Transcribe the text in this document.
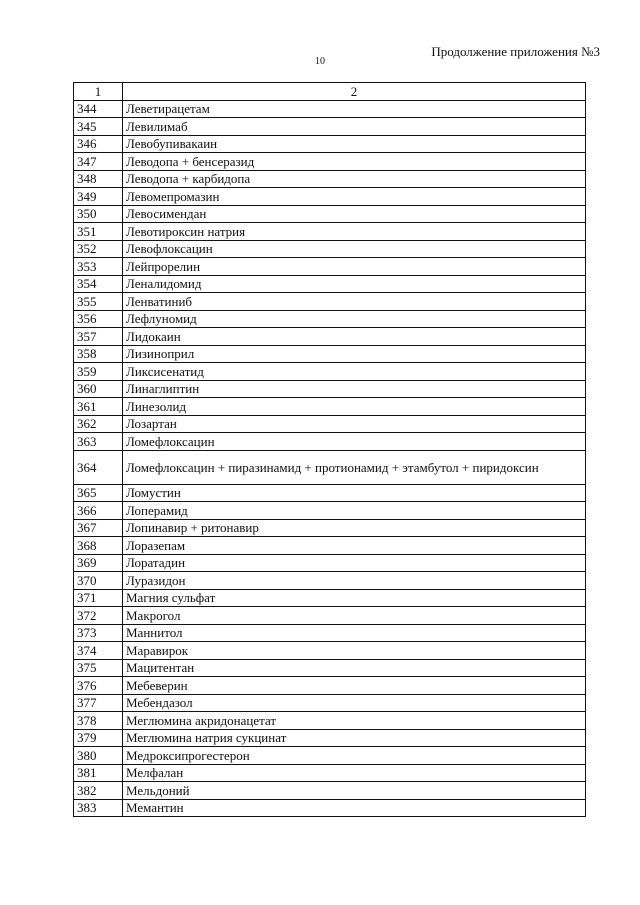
Продолжение приложения №3
10
1	2
344	Леветирацетам
345	Левилимаб
346	Левобупивакаин
347	Леводопа + бенсеразид
348	Леводопа + карбидопа
349	Левомепромазин
350	Левосимендан
351	Левотироксин натрия
352	Левофлоксацин
353	Лейпрорелин
354	Леналидомид
355	Ленватиниб
356	Лефлуномид
357	Лидокаин
358	Лизиноприл
359	Ликсисенатид
360	Линаглиптин
361	Линезолид
362	Лозартан
363	Ломефлоксацин
364	Ломефлоксацин + пиразинамид + протионамид + этамбутол + пиридоксин
365	Ломустин
366	Лоперамид
367	Лопинавир + ритонавир
368	Лоразепам
369	Лоратадин
370	Луразидон
371	Магния сульфат
372	Макрогол
373	Маннитол
374	Маравирок
375	Мацитентан
376	Мебеверин
377	Мебендазол
378	Меглюмина акридонацетат
379	Меглюмина натрия сукцинат
380	Медроксипрогестерон
381	Мелфалан
382	Мельдоний
383	Мемантин
